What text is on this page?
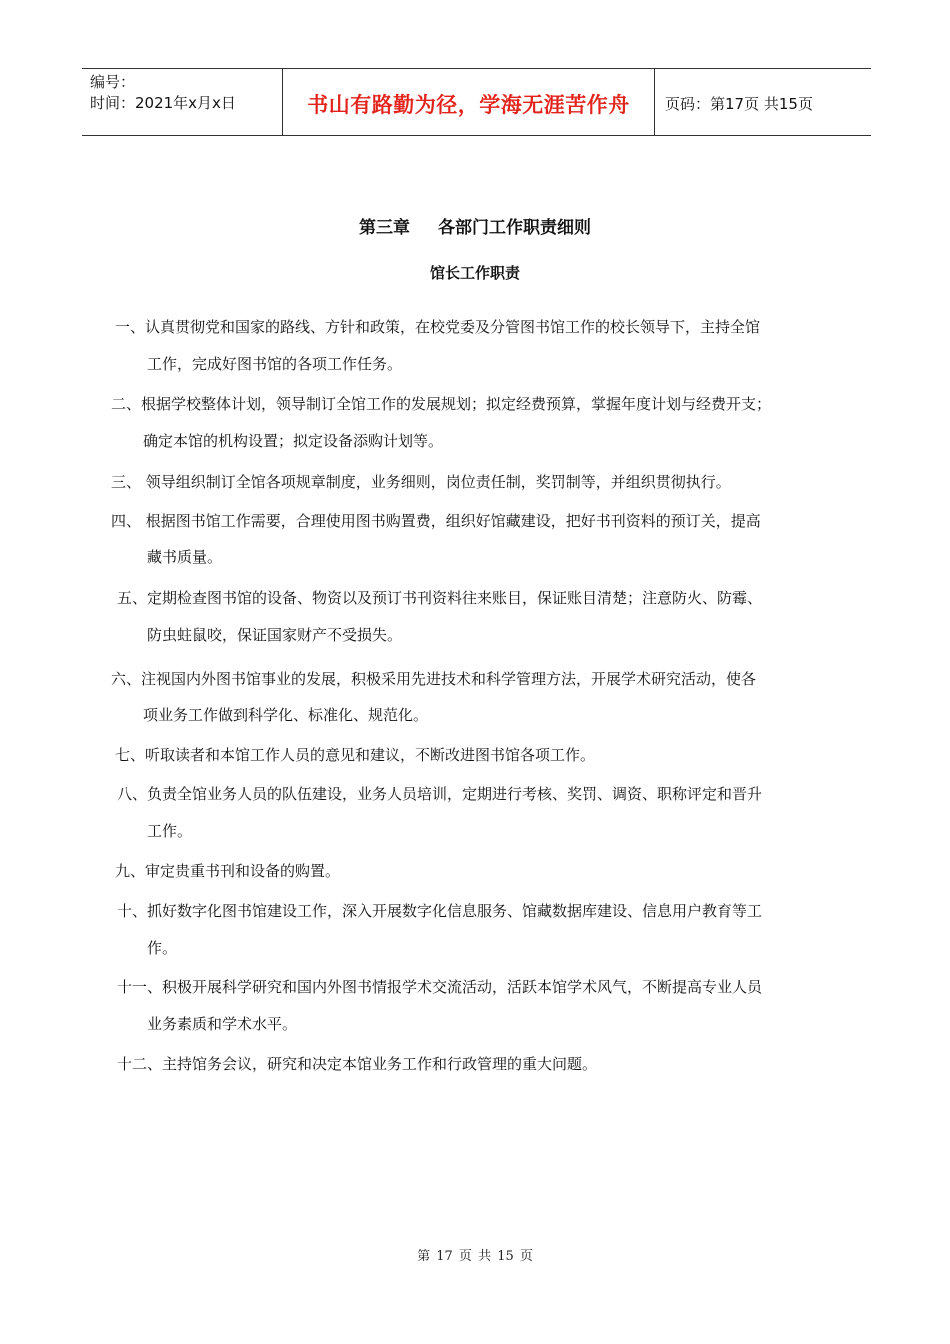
编号：
时间：2021年x月x日	书山有路勤为径，学海无涯苦作舟	页码：第17页 共15页
第三章 各部门工作职责细则
馆长工作职责
一、认真贯彻党和国家的路线、方针和政策，在校党委及分管图书馆工作的校长领导下，主持全馆
工作，完成好图书馆的各项工作任务。
二、根据学校整体计划，领导制订全馆工作的发展规划；拟定经费预算，掌握年度计划与经费开支；
确定本馆的机构设置；拟定设备添购计划等。
三、 领导组织制订全馆各项规章制度，业务细则，岗位责任制，奖罚制等，并组织贯彻执行。
四、 根据图书馆工作需要，合理使用图书购置费，组织好馆藏建设，把好书刊资料的预订关，提高
藏书质量。
五、定期检查图书馆的设备、物资以及预订书刊资料往来账目，保证账目清楚；注意防火、防霉、
防虫蛀鼠咬，保证国家财产不受损失。
六、注视国内外图书馆事业的发展，积极采用先进技术和科学管理方法，开展学术研究活动，使各
项业务工作做到科学化、标准化、规范化。
七、听取读者和本馆工作人员的意见和建议，不断改进图书馆各项工作。
八、负责全馆业务人员的队伍建设，业务人员培训，定期进行考核、奖罚、调资、职称评定和晋升
工作。
九、审定贵重书刊和设备的购置。
十、抓好数字化图书馆建设工作，深入开展数字化信息服务、馆藏数据库建设、信息用户教育等工
作。
十一、积极开展科学研究和国内外图书情报学术交流活动，活跃本馆学术风气，不断提高专业人员
业务素质和学术水平。
十二、主持馆务会议，研究和决定本馆业务工作和行政管理的重大问题。
第 17 页 共 15 页
